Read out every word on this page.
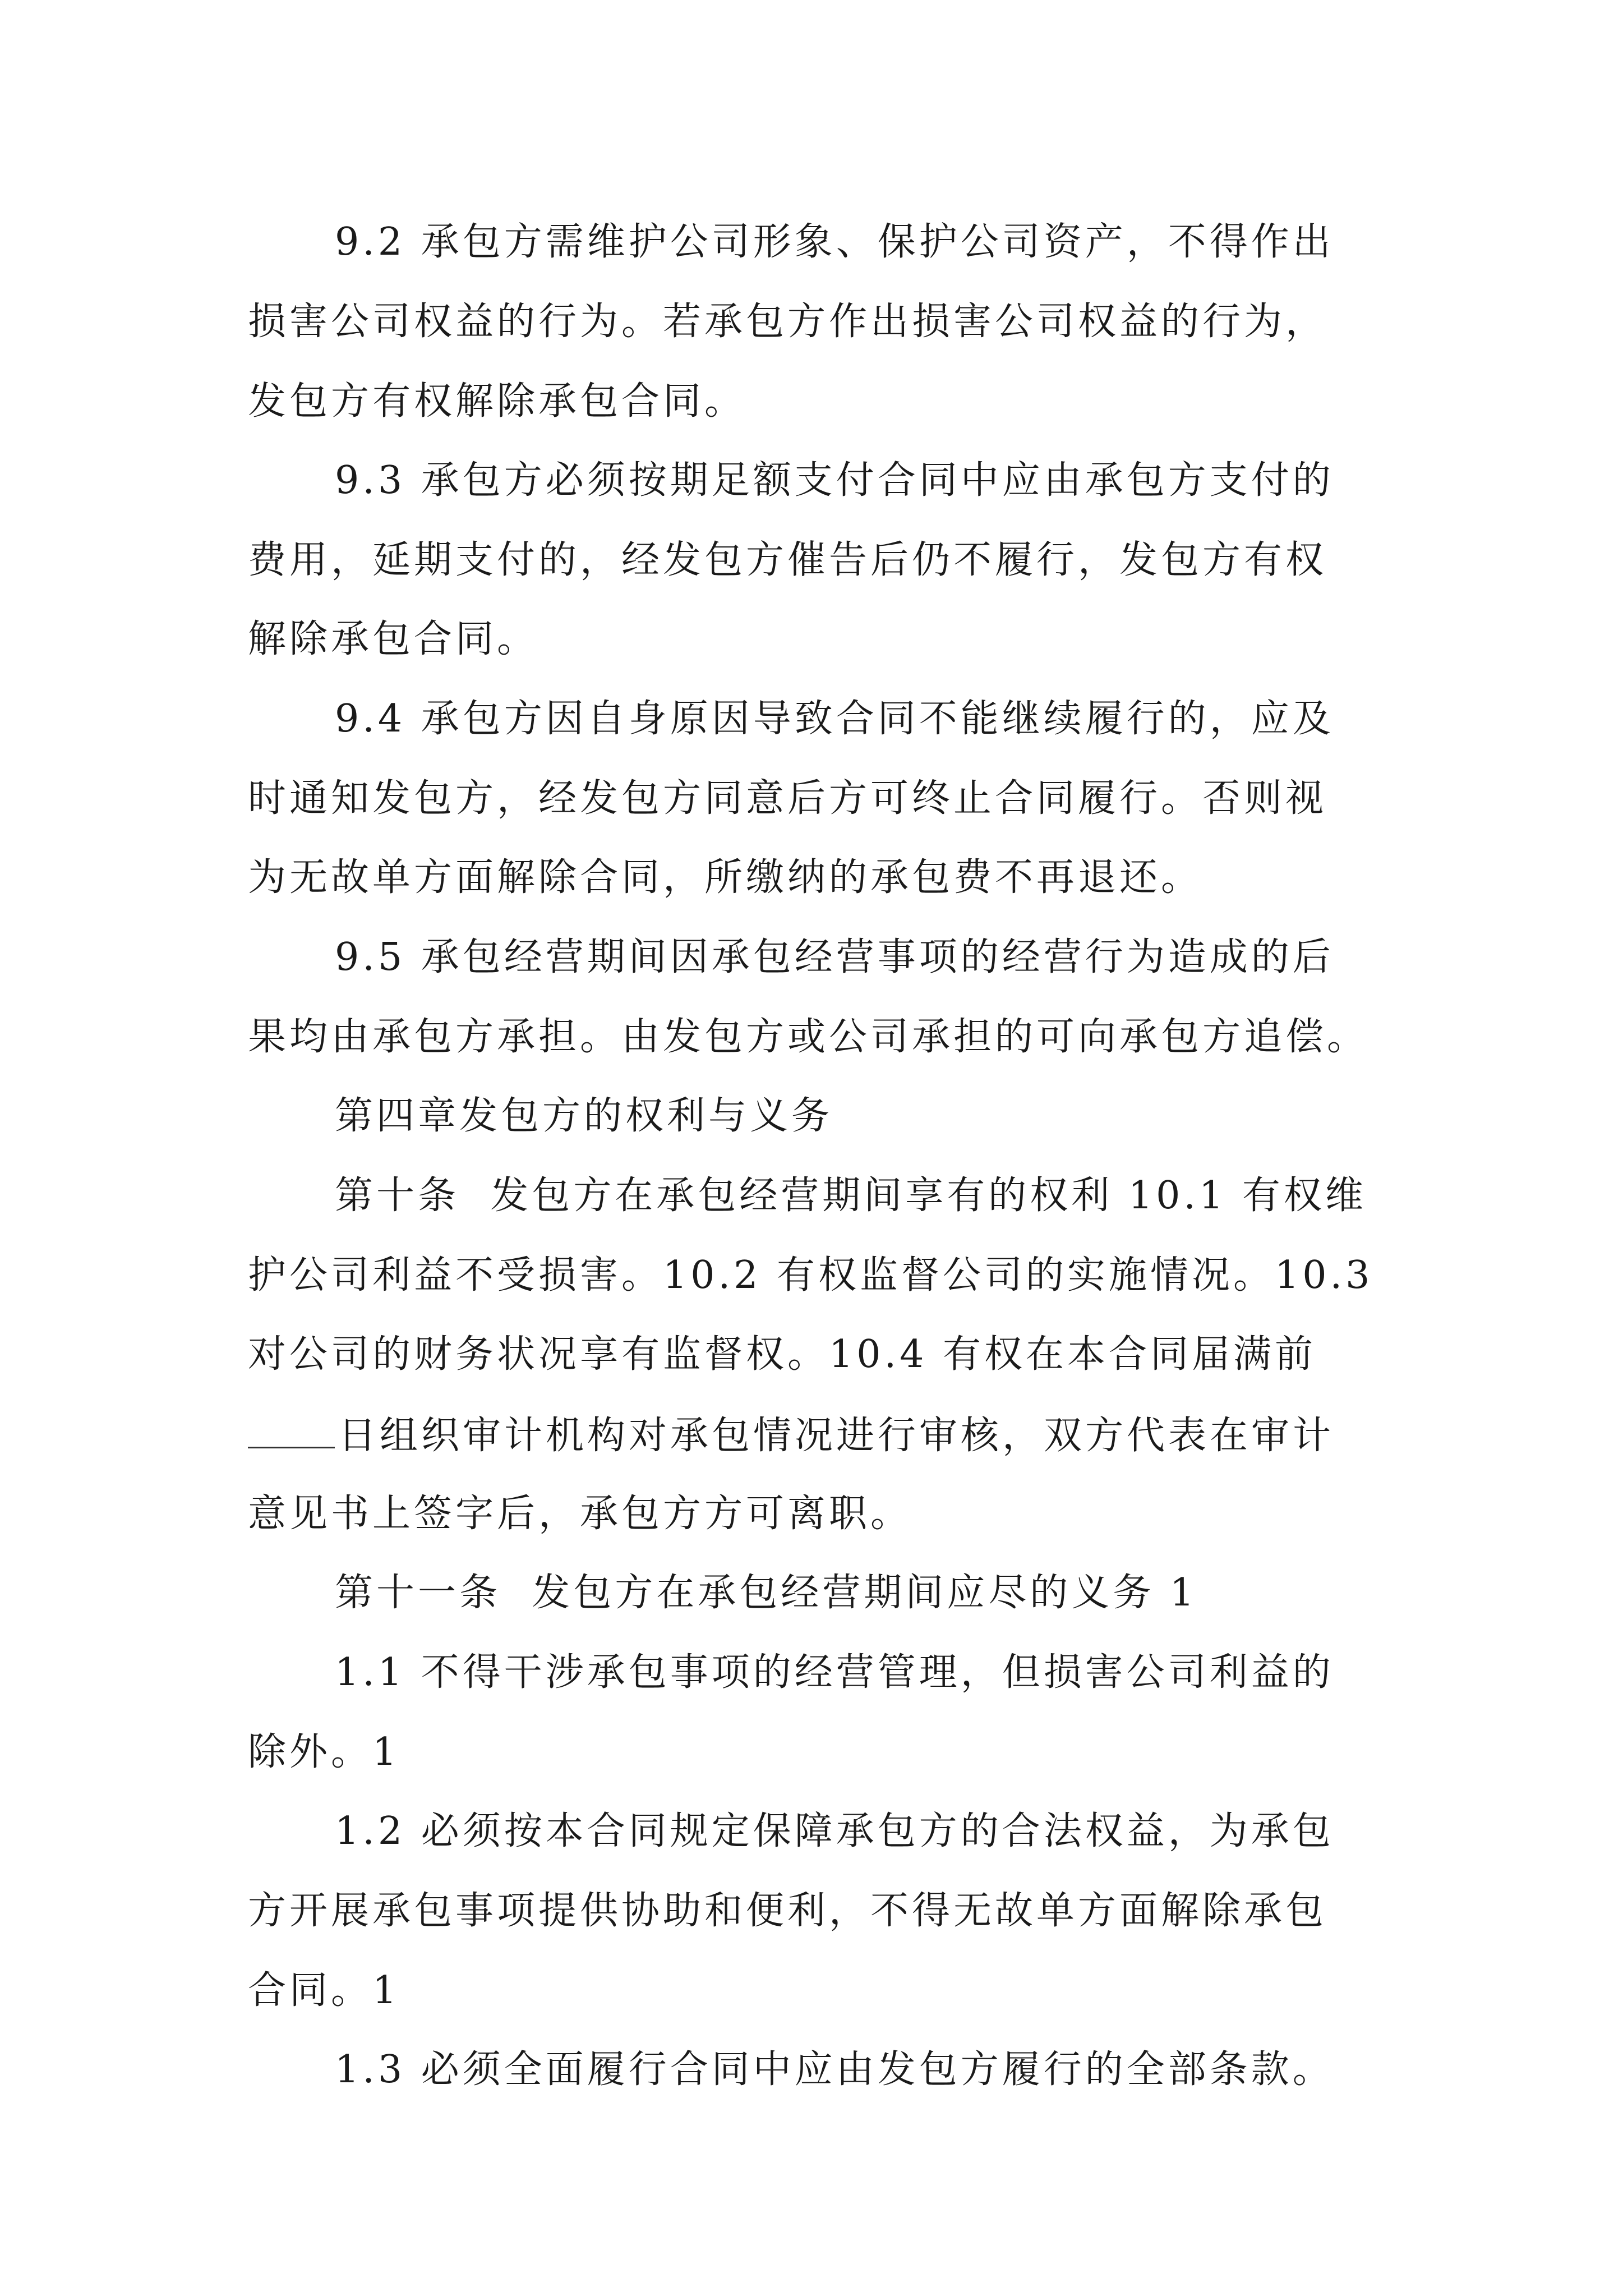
9.2 承包方需维护公司形象、保护公司资产，不得作出
损害公司权益的行为。若承包方作出损害公司权益的行为，
发包方有权解除承包合同。
9.3 承包方必须按期足额支付合同中应由承包方支付的
费用，延期支付的，经发包方催告后仍不履行，发包方有权
解除承包合同。
9.4 承包方因自身原因导致合同不能继续履行的，应及
时通知发包方，经发包方同意后方可终止合同履行。否则视
为无故单方面解除合同，所缴纳的承包费不再退还。
9.5 承包经营期间因承包经营事项的经营行为造成的后
果均由承包方承担。由发包方或公司承担的可向承包方追偿。
第四章发包方的权利与义务
第十条  发包方在承包经营期间享有的权利 10.1 有权维
护公司利益不受损害。10.2 有权监督公司的实施情况。10.3
对公司的财务状况享有监督权。10.4 有权在本合同届满前
日组织审计机构对承包情况进行审核，双方代表在审计
意见书上签字后，承包方方可离职。
第十一条  发包方在承包经营期间应尽的义务 1
1.1 不得干涉承包事项的经营管理，但损害公司利益的
除外。1
1.2 必须按本合同规定保障承包方的合法权益，为承包
方开展承包事项提供协助和便利，不得无故单方面解除承包
合同。1
1.3 必须全面履行合同中应由发包方履行的全部条款。
